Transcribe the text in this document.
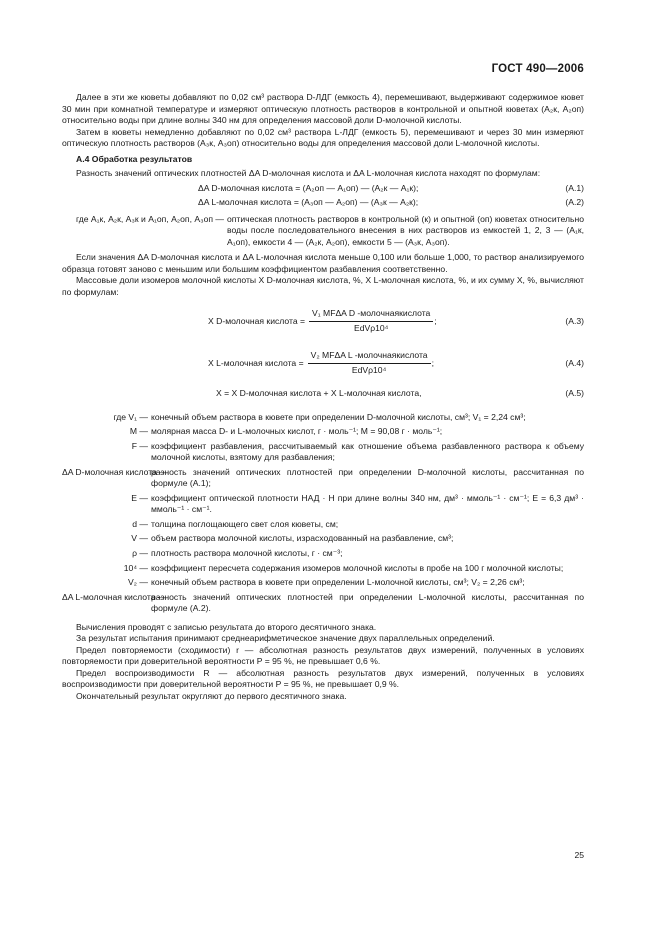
ГОСТ 490—2006

Далее в эти же кюветы добавляют по 0,02 см³ раствора D-ЛДГ (емкость 4), перемешивают, выдерживают содержимое кювет 30 мин при комнатной температуре и измеряют оптическую плотность растворов в контрольной и опытной кюветах (A₂к, A₂оп) относительно воды при длине волны 340 нм для определения массовой доли D-молочной кислоты.

Затем в кюветы немедленно добавляют по 0,02 см³ раствора L-ЛДГ (емкость 5), перемешивают и через 30 мин измеряют оптическую плотность растворов (A₃к, A₃оп) относительно воды для определения массовой доли L-молочной кислоты.

А.4 Обработка результатов

Разность значений оптических плотностей ΔA D-молочная кислота и ΔA L-молочная кислота находят по формулам:

ΔA D-молочная кислота = (A₂оп — A₁оп) — (A₂к — A₁к);	(А.1)
ΔA L-молочная кислота = (A₃оп — A₂оп) — (A₃к — A₂к);	(А.2)
где A₁к, A₂к, A₃к и A₁оп, A₂оп, A₃оп — оптическая плотность растворов в контрольной (к) и опытной (оп) кюветах относительно воды после последовательного внесения в них растворов из емкостей 1, 2, 3 — (A₁к, A₁оп), емкости 4 — (A₂к, A₂оп), емкости 5 — (A₃к, A₃оп).

Если значения ΔA D-молочная кислота и ΔA L-молочная кислота меньше 0,100 или больше 1,000, то раствор анализируемого образца готовят заново с меньшим или большим коэффициентом разбавления соответственно.

Массовые доли изомеров молочной кислоты X D-молочная кислота, %, X L-молочная кислота, %, и их сумму X, %, вычисляют по формулам:

X D-молочная кислота = $\frac{\text{V₁ MFΔA D -молочнаякислота}}{\text{EdVρ10⁴}}$ ;	(А.3)
X L-молочная кислота = $\frac{\text{V₂ MFΔA L -молочнаякислота}}{\text{EdVρ10⁴}}$ ;	(А.4)
X = X D-молочная кислота + X L-молочная кислота,	(А.5)
где V₁ — конечный объем раствора в кювете при определении D-молочной кислоты, см³; V₁ = 2,24 см³;
M — молярная масса D- и L-молочных кислот, г · моль⁻¹; M = 90,08 г · моль⁻¹;
F — коэффициент разбавления, рассчитываемый как отношение объема разбавленного раствора к объему молочной кислоты, взятому для разбавления;
ΔA D-молочная кислота —
разность значений оптических плотностей при определении D-молочной кислоты, рассчитанная по формуле (А.1);
E — коэффициент оптической плотности НАД · Н при длине волны 340 нм, дм³ · ммоль⁻¹ · см⁻¹; E = 6,3 дм³ · ммоль⁻¹ · см⁻¹.
d — толщина поглощающего свет слоя кюветы, см;
V — объем раствора молочной кислоты, израсходованный на разбавление, см³;
ρ — плотность раствора молочной кислоты, г · см⁻³;
10⁴ — коэффициент пересчета содержания изомеров молочной кислоты в пробе на 100 г молочной кислоты;
V₂ — конечный объем раствора в кювете при определении L-молочной кислоты, см³; V₂ = 2,26 см³;
ΔA L-молочная кислота —
разность значений оптических плотностей при определении L-молочной кислоты, рассчитанная по формуле (А.2).

Вычисления проводят с записью результата до второго десятичного знака.

За результат испытания принимают среднеарифметическое значение двух параллельных определений.

Предел повторяемости (сходимости) r — абсолютная разность результатов двух измерений, полученных в условиях повторяемости при доверительной вероятности P = 95 %, не превышает 0,6 %.

Предел воспроизводимости R — абсолютная разность результатов двух измерений, полученных в условиях воспроизводимости при доверительной вероятности P = 95 %, не превышает 0,9 %.

Окончательный результат округляют до первого десятичного знака.

25
